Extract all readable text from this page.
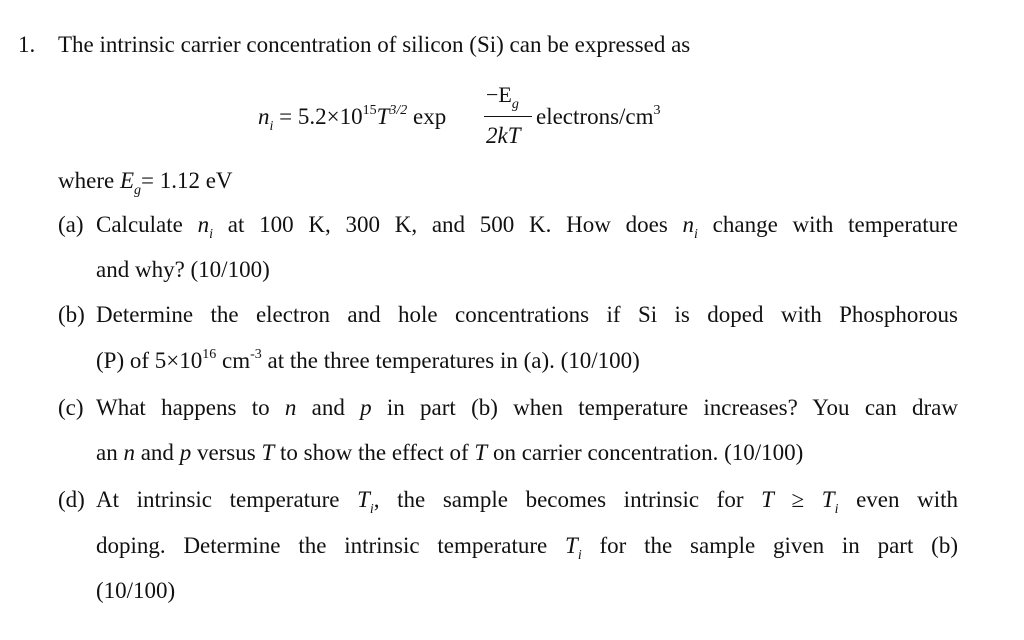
1. The intrinsic carrier concentration of silicon (Si) can be expressed as
$n_i = 5.2\times 10^{15}T^{3/2}$ exp
$-E_g$
2kT
electrons/$cm^3$
where $E_g= 1.12$ eV
(a) Calculate $n_i$ at 100 K, 300 K, and 500 K. How does $n_i$ change with temperature
and why? (10/100)
(b) Determine the electron and hole concentrations if Si is doped with Phosphorous
(P) of $5\times 10^{16}$ $cm^{-3}$ at the three temperatures in (a). (10/100)
(c) What happens to n and p in part (b) when temperature increases? You can draw
an n and p versus T to show the effect of T on carrier concentration. (10/100)
(d) At intrinsic temperature $T_i$, the sample becomes intrinsic for $T \ge T_i$ even with
doping. Determine the intrinsic temperature $T_i$ for the sample given in part (b)
(10/100)
